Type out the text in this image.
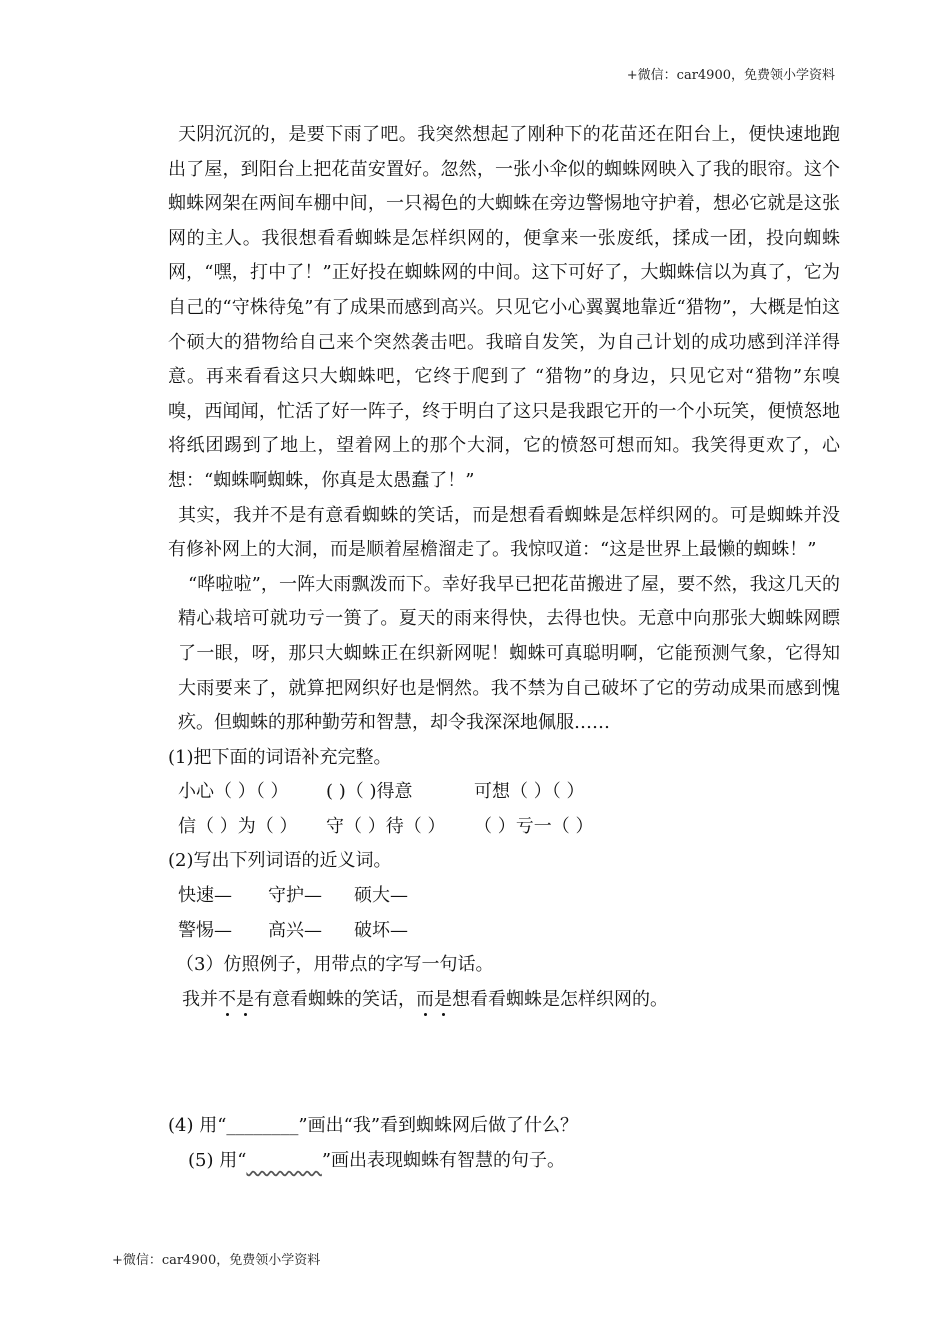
+微信：car4900，免费领小学资料

天阴沉沉的，是要下雨了吧。我突然想起了刚种下的花苗还在阳台上，便快速地跑出了屋，到阳台上把花苗安置好。忽然，一张小伞似的蜘蛛网映入了我的眼帘。这个蜘蛛网架在两间车棚中间，一只褐色的大蜘蛛在旁边警惕地守护着，想必它就是这张网的主人。我很想看看蜘蛛是怎样织网的，便拿来一张废纸，揉成一团，投向蜘蛛网，“嘿，打中了！”正好投在蜘蛛网的中间。这下可好了，大蜘蛛信以为真了，它为自己的“守株待兔”有了成果而感到高兴。只见它小心翼翼地靠近“猎物”，大概是怕这个硕大的猎物给自己来个突然袭击吧。我暗自发笑，为自己计划的成功感到洋洋得意。再来看看这只大蜘蛛吧，它终于爬到了 “猎物”的身边，只见它对“猎物”东嗅嗅，西闻闻，忙活了好一阵子，终于明白了这只是我跟它开的一个小玩笑，便愤怒地将纸团踢到了地上，望着网上的那个大洞，它的愤怒可想而知。我笑得更欢了，心想：“蜘蛛啊蜘蛛，你真是太愚蠢了！”

其实，我并不是有意看蜘蛛的笑话，而是想看看蜘蛛是怎样织网的。可是蜘蛛并没有修补网上的大洞，而是顺着屋檐溜走了。我惊叹道：“这是世界上最懒的蜘蛛！”

“哗啦啦”，一阵大雨飘泼而下。幸好我早已把花苗搬进了屋，要不然，我这几天的精心栽培可就功亏一篑了。夏天的雨来得快，去得也快。无意中向那张大蜘蛛网瞟了一眼，呀，那只大蜘蛛正在织新网呢！蜘蛛可真聪明啊，它能预测气象，它得知大雨要来了，就算把网织好也是惘然。我不禁为自己破坏了它的劳动成果而感到愧疚。但蜘蛛的那种勤劳和智慧，却令我深深地佩服……

(1)把下面的词语补充完整。

小心（ ）（ ） ( )（ )得意	可想（ ）（ ）

信（ ）为（ ） 守（ ）待（ ） （ ）亏一（ ）

(2)写出下列词语的近义词。

快速— 守护— 硕大—

警惕— 高兴— 破坏—

（3）仿照例子，用带点的字写一句话。

我并不是有意看蜘蛛的笑话，而是想看看蜘蛛是怎样织网的。

(4) 用“________”画出“我”看到蜘蛛网后做了什么？

(5) 用“	”画出表现蜘蛛有智慧的句子。

+微信：car4900，免费领小学资料
